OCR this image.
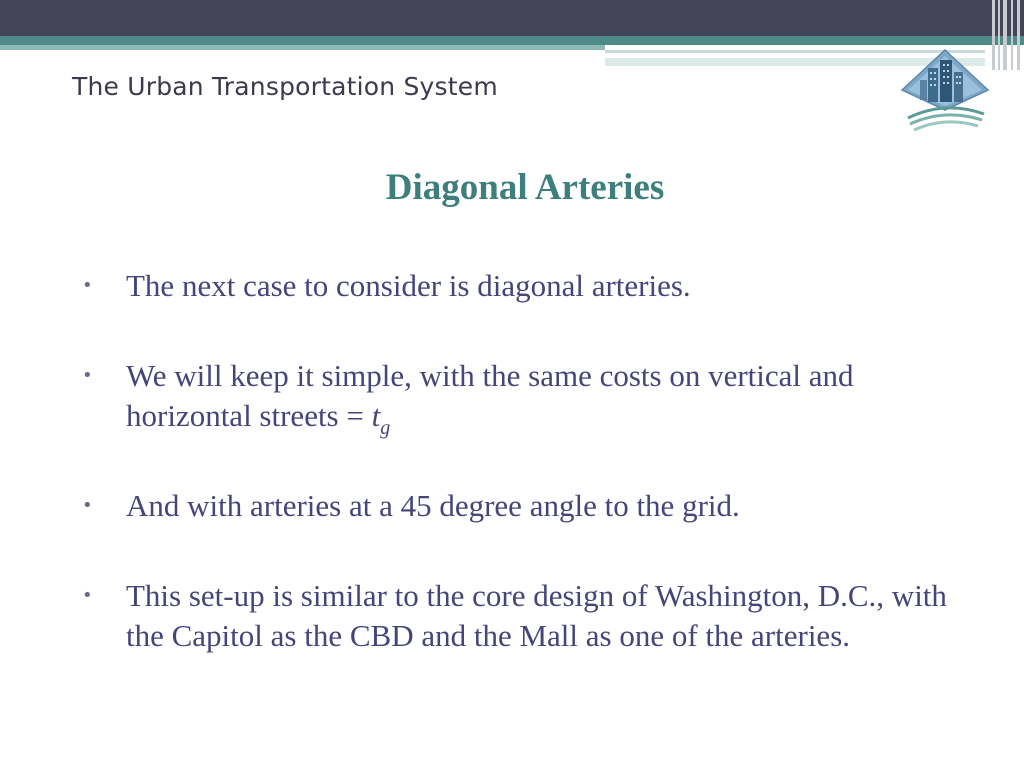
The Urban Transportation System
Diagonal Arteries
•	The next case to consider is diagonal arteries.
•	We will keep it simple, with the same costs on vertical and horizontal streets = $t_g$
•	And with arteries at a 45 degree angle to the grid.
•	This set-up is similar to the core design of Washington, D.C., with the Capitol as the CBD and the Mall as one of the arteries.
